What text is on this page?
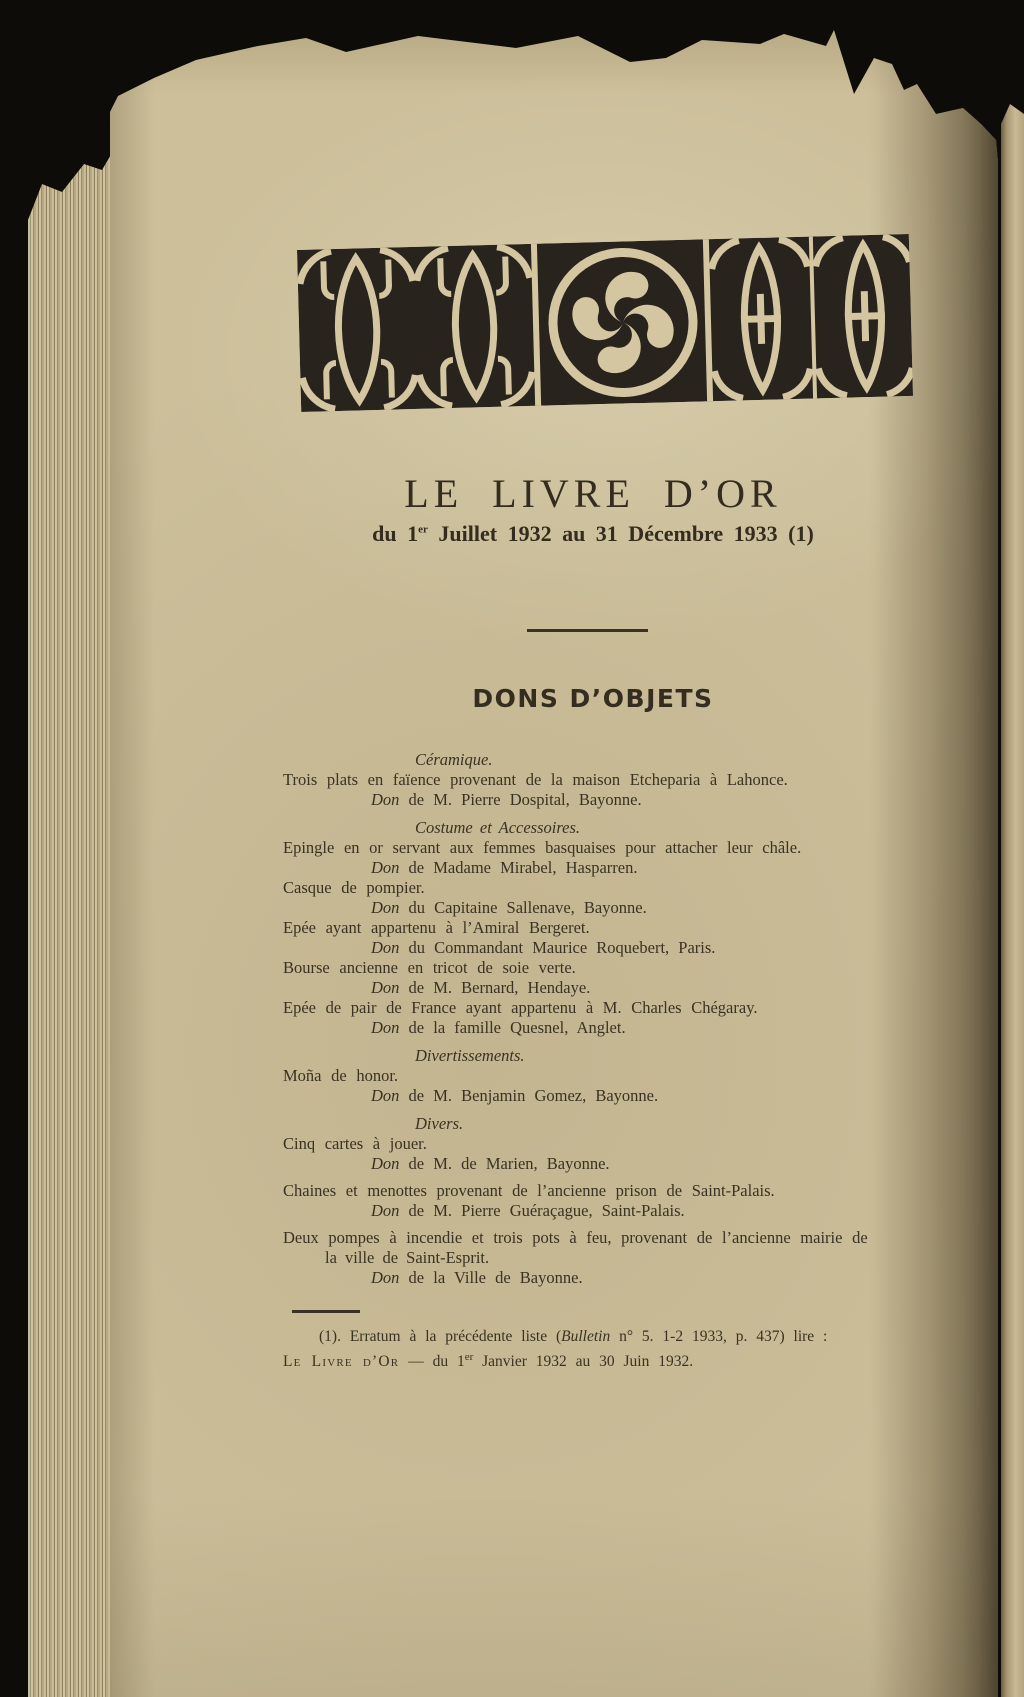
LE LIVRE D’OR
du 1er Juillet 1932 au 31 Décembre 1933 (1)
DONS D’OBJETS
Céramique.
Trois plats en faïence provenant de la maison Etcheparia à Lahonce.
Don de M. Pierre Dospital, Bayonne.
Costume et Accessoires.
Epingle en or servant aux femmes basquaises pour attacher leur châle.
Don de Madame Mirabel, Hasparren.
Casque de pompier.
Don du Capitaine Sallenave, Bayonne.
Epée ayant appartenu à l’Amiral Bergeret.
Don du Commandant Maurice Roquebert, Paris.
Bourse ancienne en tricot de soie verte.
Don de M. Bernard, Hendaye.
Epée de pair de France ayant appartenu à M. Charles Chégaray.
Don de la famille Quesnel, Anglet.
Divertissements.
Moña de honor.
Don de M. Benjamin Gomez, Bayonne.
Divers.
Cinq cartes à jouer.
Don de M. de Marien, Bayonne.
Chaines et menottes provenant de l’ancienne prison de Saint-Palais.
Don de M. Pierre Guéraçague, Saint-Palais.
Deux pompes à incendie et trois pots à feu, provenant de l’ancienne mairie de
la ville de Saint-Esprit.
Don de la Ville de Bayonne.
(1). Erratum à la précédente liste (Bulletin n° 5. 1-2 1933, p. 437) lire :
Le Livre d’Or — du 1er Janvier 1932 au 30 Juin 1932.
